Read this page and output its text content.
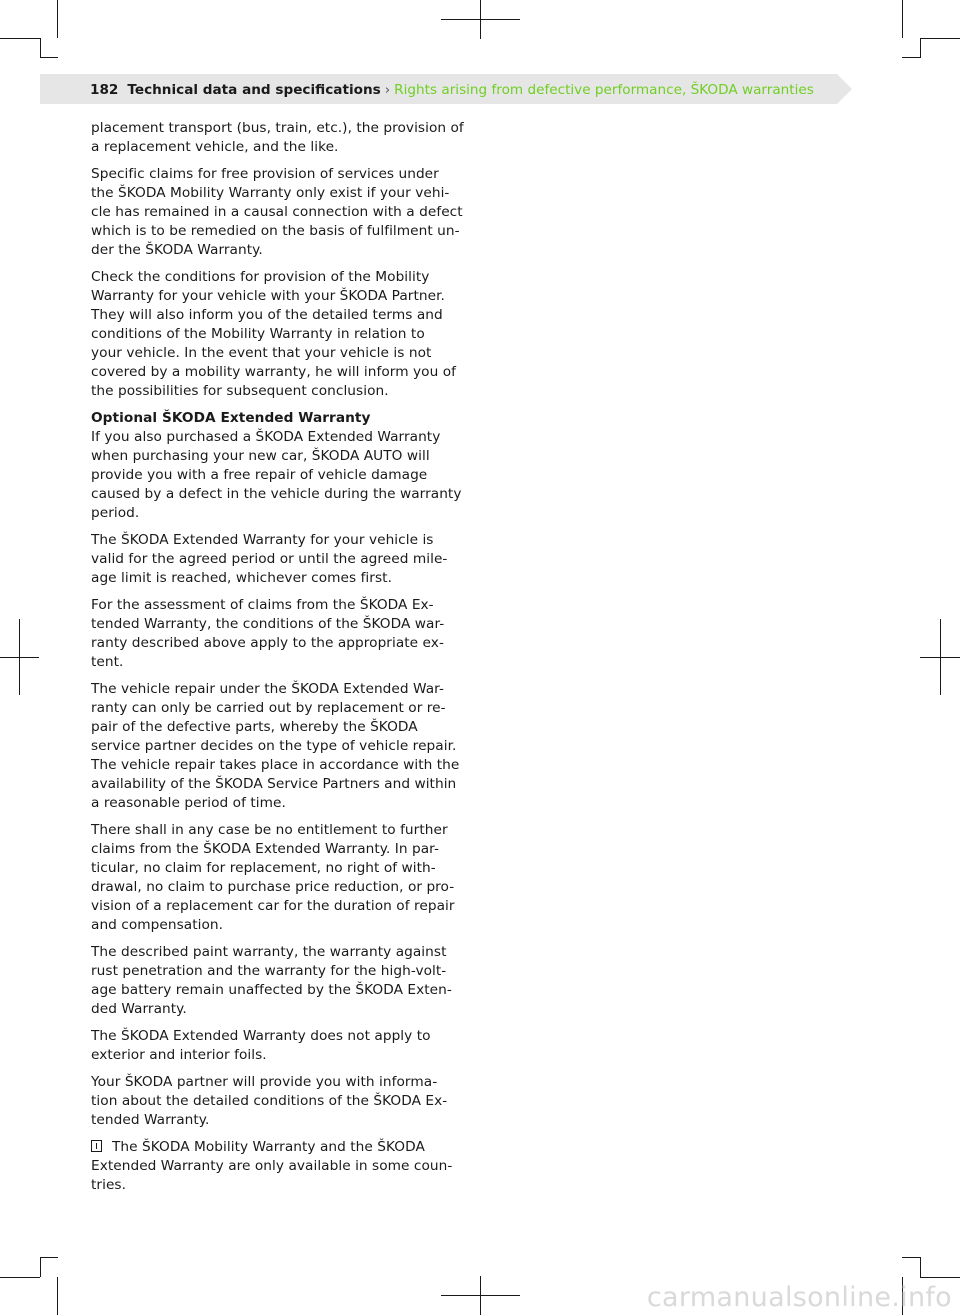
182 Technical data and specifications › Rights arising from defective performance, ŠKODA warranties

placement transport (bus, train, etc.), the provision of
a replacement vehicle, and the like.

Specific claims for free provision of services under
the ŠKODA Mobility Warranty only exist if your vehi-
cle has remained in a causal connection with a defect
which is to be remedied on the basis of fulfilment un-
der the ŠKODA Warranty.

Check the conditions for provision of the Mobility
Warranty for your vehicle with your ŠKODA Partner.
They will also inform you of the detailed terms and
conditions of the Mobility Warranty in relation to
your vehicle. In the event that your vehicle is not
covered by a mobility warranty, he will inform you of
the possibilities for subsequent conclusion.

Optional ŠKODA Extended Warranty
If you also purchased a ŠKODA Extended Warranty
when purchasing your new car, ŠKODA AUTO will
provide you with a free repair of vehicle damage
caused by a defect in the vehicle during the warranty
period.

The ŠKODA Extended Warranty for your vehicle is
valid for the agreed period or until the agreed mile-
age limit is reached, whichever comes first.

For the assessment of claims from the ŠKODA Ex-
tended Warranty, the conditions of the ŠKODA war-
ranty described above apply to the appropriate ex-
tent.

The vehicle repair under the ŠKODA Extended War-
ranty can only be carried out by replacement or re-
pair of the defective parts, whereby the ŠKODA
service partner decides on the type of vehicle repair.
The vehicle repair takes place in accordance with the
availability of the ŠKODA Service Partners and within
a reasonable period of time.

There shall in any case be no entitlement to further
claims from the ŠKODA Extended Warranty. In par-
ticular, no claim for replacement, no right of with-
drawal, no claim to purchase price reduction, or pro-
vision of a replacement car for the duration of repair
and compensation.

The described paint warranty, the warranty against
rust penetration and the warranty for the high-volt-
age battery remain unaffected by the ŠKODA Exten-
ded Warranty.

The ŠKODA Extended Warranty does not apply to
exterior and interior foils.

Your ŠKODA partner will provide you with informa-
tion about the detailed conditions of the ŠKODA Ex-
tended Warranty.

The ŠKODA Mobility Warranty and the ŠKODA
Extended Warranty are only available in some coun-
tries.

carmanualsonline.info
